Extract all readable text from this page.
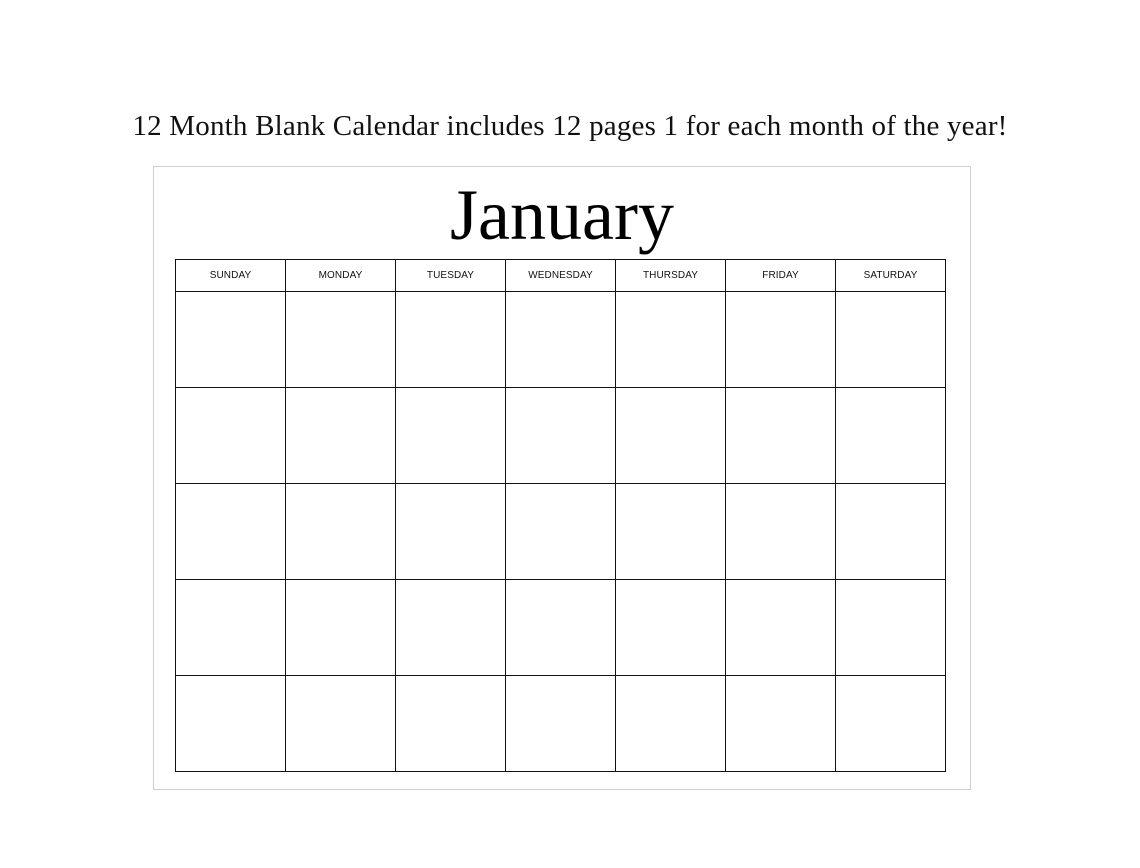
12 Month Blank Calendar includes 12 pages 1 for each month of the year!
January
SUNDAY	MONDAY	TUESDAY	WEDNESDAY	THURSDAY	FRIDAY	SATURDAY
